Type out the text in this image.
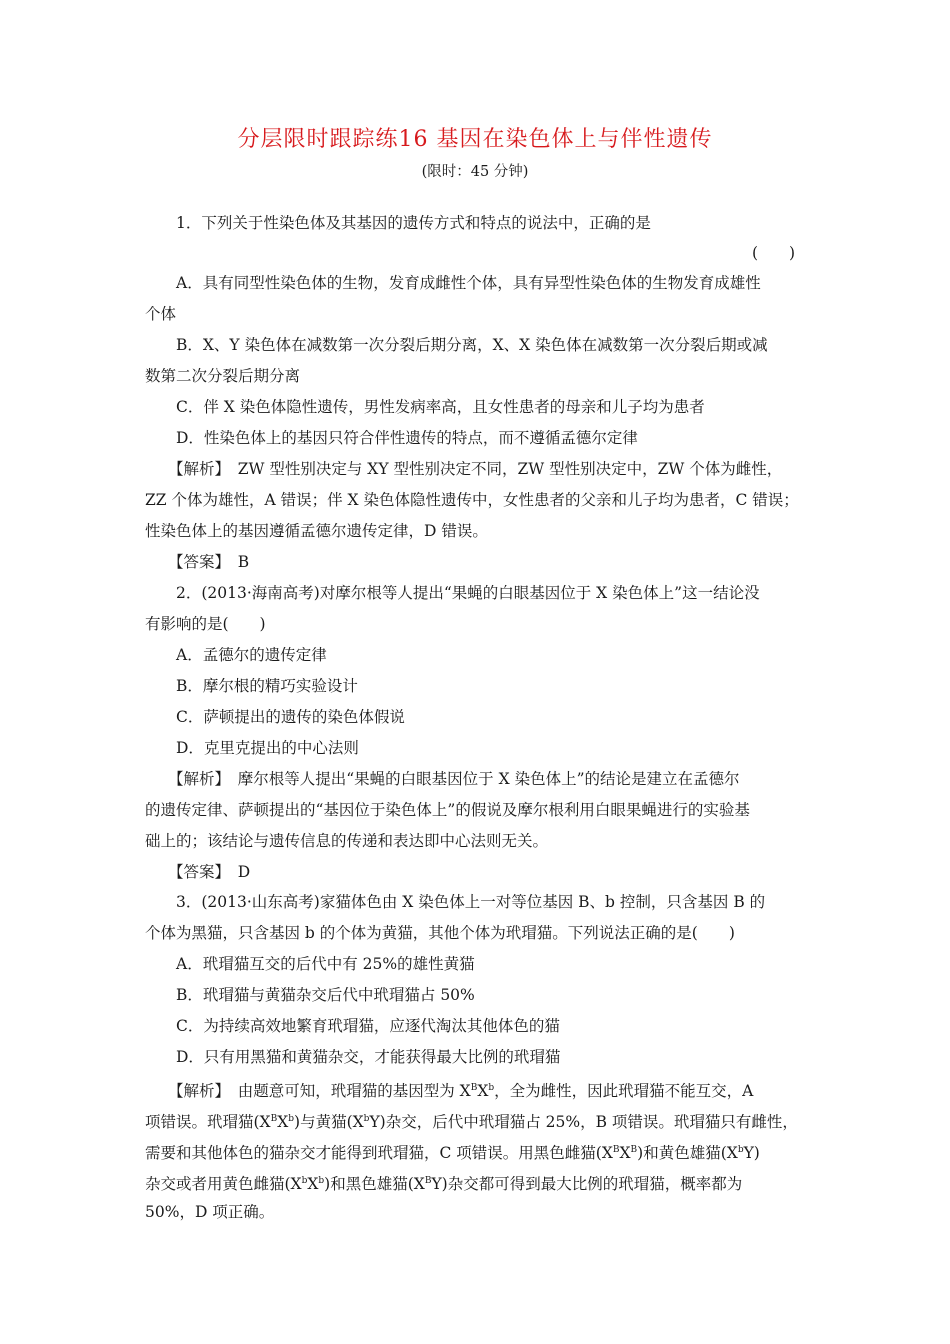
分层限时跟踪练16 基因在染色体上与伴性遗传
(限时：45 分钟)
1．下列关于性染色体及其基因的遗传方式和特点的说法中，正确的是
(　　)
A．具有同型性染色体的生物，发育成雌性个体，具有异型性染色体的生物发育成雄性
个体
B．X、Y 染色体在减数第一次分裂后期分离，X、X 染色体在减数第一次分裂后期或减
数第二次分裂后期分离
C．伴 X 染色体隐性遗传，男性发病率高，且女性患者的母亲和儿子均为患者
D．性染色体上的基因只符合伴性遗传的特点，而不遵循孟德尔定律
【解析】　ZW 型性别决定与 XY 型性别决定不同，ZW 型性别决定中，ZW 个体为雌性，
ZZ 个体为雄性，A 错误；伴 X 染色体隐性遗传中，女性患者的父亲和儿子均为患者，C 错误；
性染色体上的基因遵循孟德尔遗传定律，D 错误。
【答案】　B
2．(2013·海南高考)对摩尔根等人提出“果蝇的白眼基因位于 X 染色体上”这一结论没
有影响的是(　　)
A．孟德尔的遗传定律
B．摩尔根的精巧实验设计
C．萨顿提出的遗传的染色体假说
D．克里克提出的中心法则
【解析】　摩尔根等人提出“果蝇的白眼基因位于 X 染色体上”的结论是建立在孟德尔
的遗传定律、萨顿提出的“基因位于染色体上”的假说及摩尔根利用白眼果蝇进行的实验基
础上的；该结论与遗传信息的传递和表达即中心法则无关。
【答案】　D
3．(2013·山东高考)家猫体色由 X 染色体上一对等位基因 B、b 控制，只含基因 B 的
个体为黑猫，只含基因 b 的个体为黄猫，其他个体为玳瑁猫。下列说法正确的是(　　)
A．玳瑁猫互交的后代中有 25%的雄性黄猫
B．玳瑁猫与黄猫杂交后代中玳瑁猫占 50%
C．为持续高效地繁育玳瑁猫，应逐代淘汰其他体色的猫
D．只有用黑猫和黄猫杂交，才能获得最大比例的玳瑁猫
【解析】　由题意可知，玳瑁猫的基因型为 $X^BX^b$，全为雌性，因此玳瑁猫不能互交，A
项错误。玳瑁猫$(X^BX^b)$与黄猫$(X^bY)$杂交，后代中玳瑁猫占 25%，B 项错误。玳瑁猫只有雌性，
需要和其他体色的猫杂交才能得到玳瑁猫，C 项错误。用黑色雌猫$(X^BX^B)$和黄色雄猫$(X^bY)$
杂交或者用黄色雌猫$(X^bX^b)$和黑色雄猫$(X^BY)$杂交都可得到最大比例的玳瑁猫，概率都为
50%，D 项正确。
